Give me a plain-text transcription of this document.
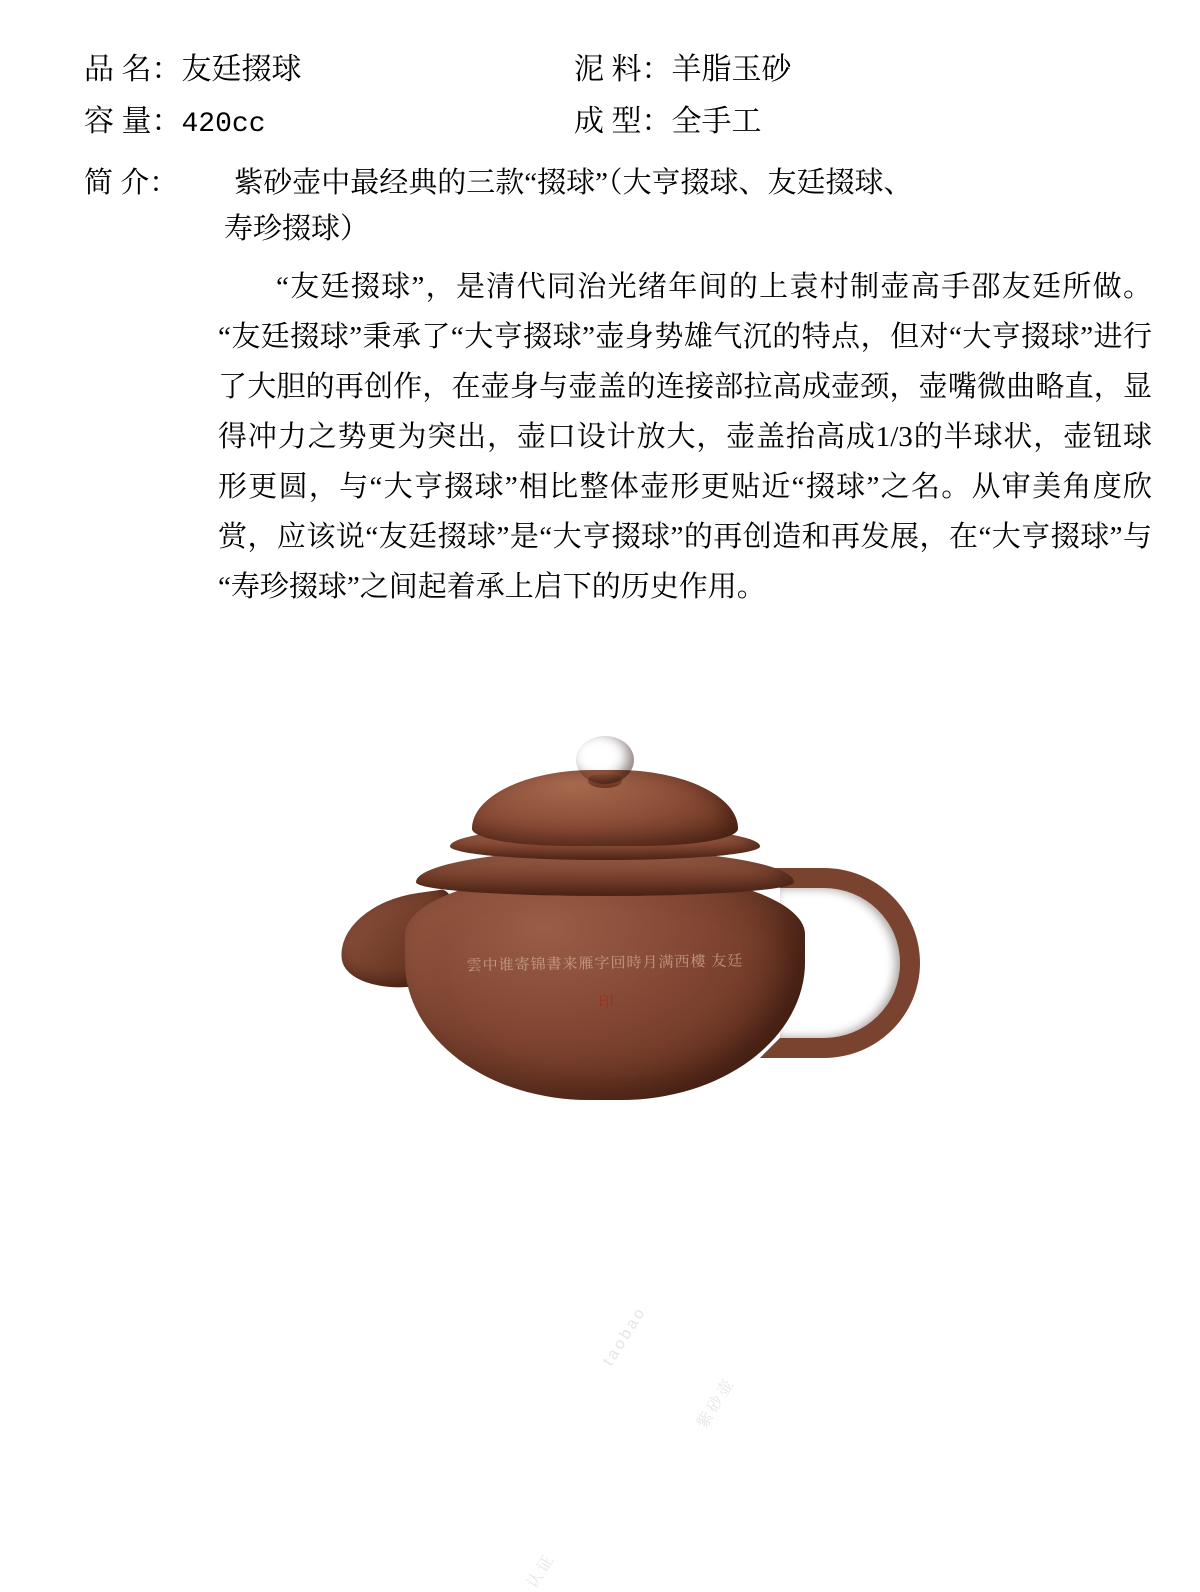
品 名： 友廷掇球	泥 料： 羊脂玉砂
容 量： 420cc	成 型： 全手工
简 介： 紫砂壶中最经典的三款“掇球”（大亨掇球、友廷掇球、
寿珍掇球）
“友廷掇球”，是清代同治光绪年间的上袁村制壶高手邵友廷所做。“友廷掇球”秉承了“大亨掇球”壶身势雄气沉的特点，但对“大亨掇球”进行了大胆的再创作，在壶身与壶盖的连接部拉高成壶颈，壶嘴微曲略直，显得冲力之势更为突出，壶口设计放大，壶盖抬高成1/3的半球状，壶钮球形更圆，与“大亨掇球”相比整体壶形更贴近“掇球”之名。从审美角度欣赏，应该说“友廷掇球”是“大亨掇球”的再创造和再发展，在“大亨掇球”与“寿珍掇球”之间起着承上启下的历史作用。
雲中谁寄锦書来雁字回時月满西樓 友廷
印
taobao
紫砂壶
认证
